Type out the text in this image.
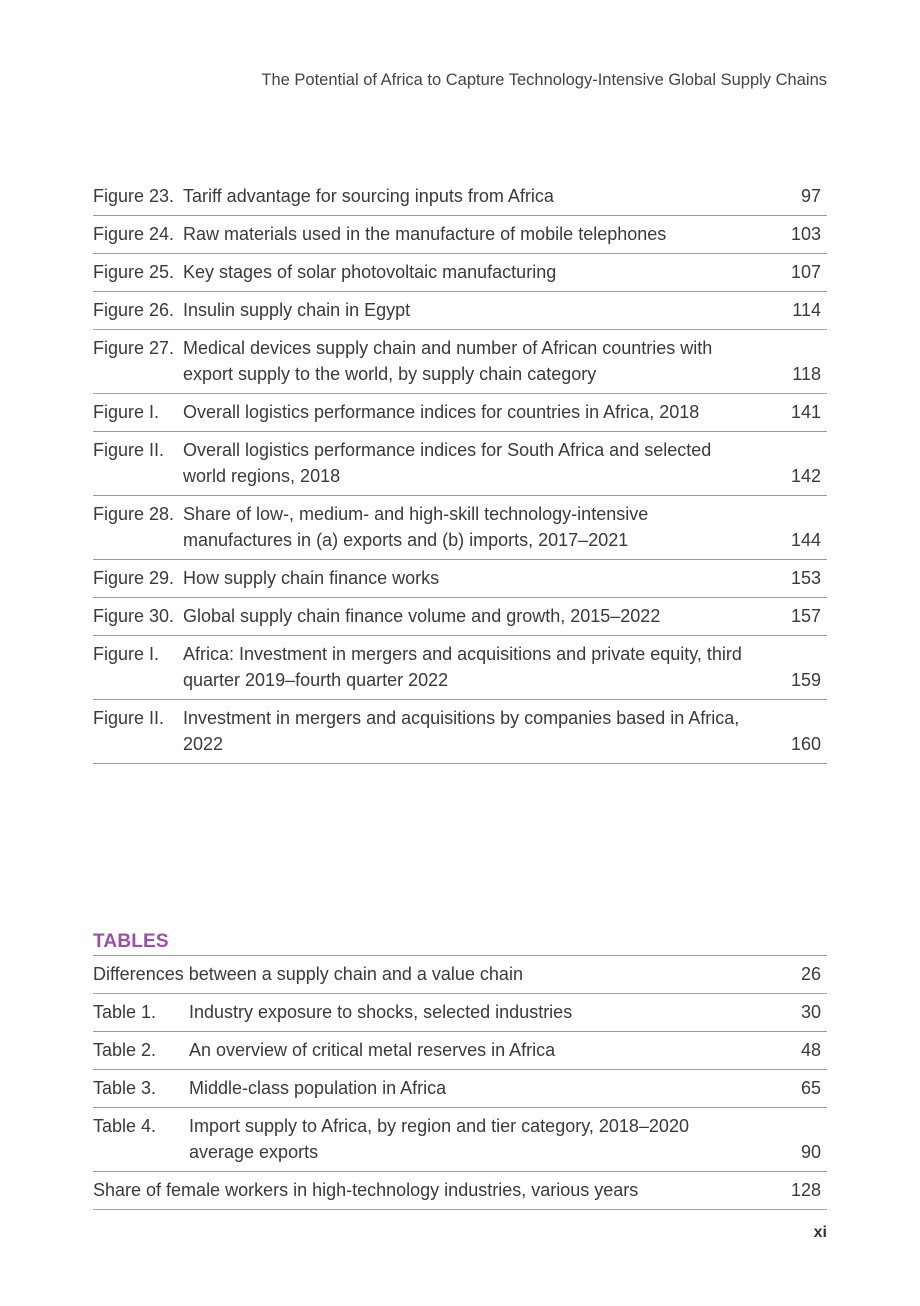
The Potential of Africa to Capture Technology-Intensive Global Supply Chains
Figure 23. Tariff advantage for sourcing inputs from Africa	97
Figure 24. Raw materials used in the manufacture of mobile telephones	103
Figure 25. Key stages of solar photovoltaic manufacturing	107
Figure 26. Insulin supply chain in Egypt	114
Figure 27. Medical devices supply chain and number of African countries with export supply to the world, by supply chain category	118
Figure I.	Overall logistics performance indices for countries in Africa, 2018	141
Figure II.	Overall logistics performance indices for South Africa and selected world regions, 2018	142
Figure 28. Share of low-, medium- and high-skill technology-intensive manufactures in (a) exports and (b) imports, 2017–2021	144
Figure 29. How supply chain finance works	153
Figure 30. Global supply chain finance volume and growth, 2015–2022	157
Figure I.	Africa: Investment in mergers and acquisitions and private equity, third quarter 2019–fourth quarter 2022	159
Figure II.	Investment in mergers and acquisitions by companies based in Africa, 2022	160
TABLES
Differences between a supply chain and a value chain	26
Table 1.	Industry exposure to shocks, selected industries	30
Table 2.	An overview of critical metal reserves in Africa	48
Table 3.	Middle-class population in Africa	65
Table 4.	Import supply to Africa, by region and tier category, 2018–2020 average exports	90
Share of female workers in high-technology industries, various years	128
xi
